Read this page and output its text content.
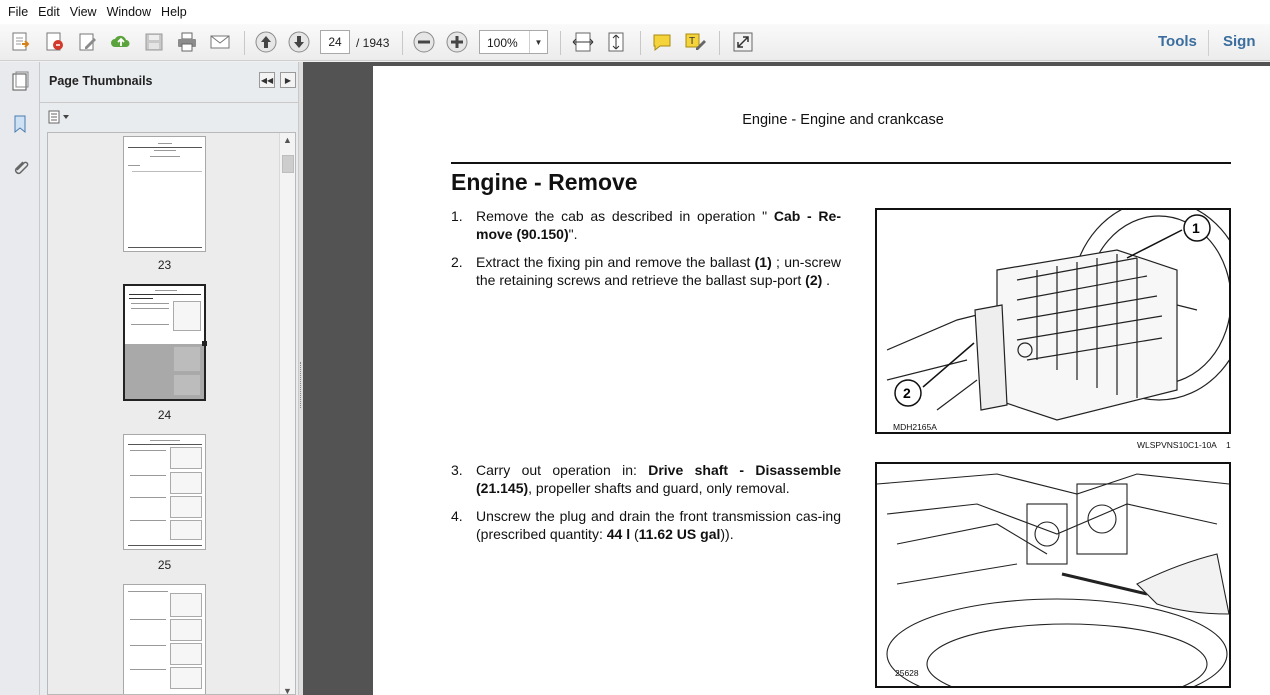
File Edit View Window Help
24	/ 1943	100%	▼	T	Tools Sign
Page Thumbnails	◀◀	▶
23
24
25
▲
▼
Engine - Engine and crankcase
Engine - Remove
1. Remove the cab as described in operation " Cab - Re-move (90.150)".
2. Extract the fixing pin and remove the ballast (1) ; un-screw the retaining screws and retrieve the ballast sup-port (2) .
3. Carry out operation in: Drive shaft - Disassemble (21.145), propeller shafts and guard, only removal.
4. Unscrew the plug and drain the front transmission cas-ing (prescribed quantity: 44 l (11.62 US gal)).
1
2
MDH2165A
WLSPVNS10C1-10A 1
25628
